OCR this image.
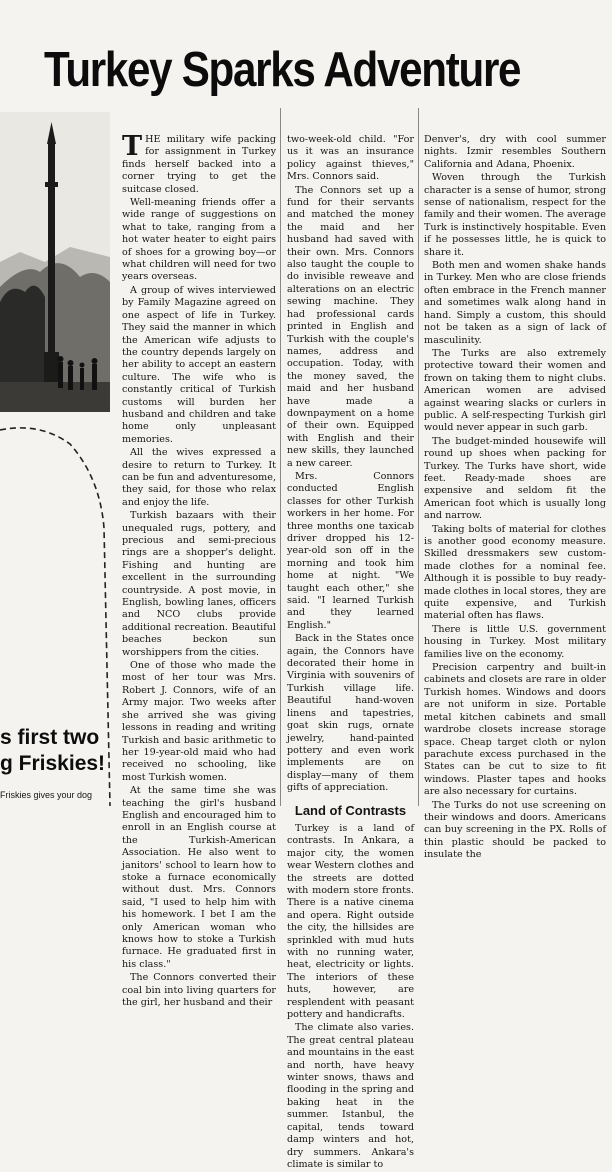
Turkey Sparks Adventure
s first two
g Friskies!
Friskies gives your dog

THE military wife packing for assignment in Turkey finds herself backed into a corner trying to get the suitcase closed.

Well-meaning friends offer a wide range of suggestions on what to take, ranging from a hot water heater to eight pairs of shoes for a growing boy—or what children will need for two years overseas.

A group of wives interviewed by Family Magazine agreed on one aspect of life in Turkey. They said the manner in which the American wife adjusts to the country depends largely on her ability to accept an eastern culture. The wife who is constantly critical of Turkish customs will burden her husband and children and take home only unpleasant memories.

All the wives expressed a desire to return to Turkey. It can be fun and adventuresome, they said, for those who relax and enjoy the life.

Turkish bazaars with their unequaled rugs, pottery, and precious and semi-precious rings are a shopper's delight. Fishing and hunting are excellent in the surrounding countryside. A post movie, in English, bowling lanes, officers and NCO clubs provide additional recreation. Beautiful beaches beckon sun worshippers from the cities.

One of those who made the most of her tour was Mrs. Robert J. Connors, wife of an Army major. Two weeks after she arrived she was giving lessons in reading and writing Turkish and basic arithmetic to her 19-year-old maid who had received no schooling, like most Turkish women.

At the same time she was teaching the girl's husband English and encouraged him to enroll in an English course at the Turkish-American Association. He also went to janitors' school to learn how to stoke a furnace economically without dust. Mrs. Connors said, "I used to help him with his homework. I bet I am the only American woman who knows how to stoke a Turkish furnace. He graduated first in his class."

The Connors converted their coal bin into living quarters for the girl, her husband and their

two-week-old child. "For us it was an insurance policy against thieves," Mrs. Connors said.

The Connors set up a fund for their servants and matched the money the maid and her husband had saved with their own. Mrs. Connors also taught the couple to do invisible reweave and alterations on an electric sewing machine. They had professional cards printed in English and Turkish with the couple's names, address and occupation. Today, with the money saved, the maid and her husband have made a downpayment on a home of their own. Equipped with English and their new skills, they launched a new career.

Mrs. Connors conducted English classes for other Turkish workers in her home. For three months one taxicab driver dropped his 12-year-old son off in the morning and took him home at night. "We taught each other," she said. "I learned Turkish and they learned English."

Back in the States once again, the Connors have decorated their home in Virginia with souvenirs of Turkish village life. Beautiful hand-woven linens and tapestries, goat skin rugs, ornate jewelry, hand-painted pottery and even work implements are on display—many of them gifts of appreciation.

Land of Contrasts

Turkey is a land of contrasts. In Ankara, a major city, the women wear Western clothes and the streets are dotted with modern store fronts. There is a native cinema and opera. Right outside the city, the hillsides are sprinkled with mud huts with no running water, heat, electricity or lights. The interiors of these huts, however, are resplendent with peasant pottery and handicrafts.

The climate also varies. The great central plateau and mountains in the east and north, have heavy winter snows, thaws and flooding in the spring and baking heat in the summer. Istanbul, the capital, tends toward damp winters and hot, dry summers. Ankara's climate is similar to

Denver's, dry with cool summer nights. Izmir resembles Southern California and Adana, Phoenix.

Woven through the Turkish character is a sense of humor, strong sense of nationalism, respect for the family and their women. The average Turk is instinctively hospitable. Even if he possesses little, he is quick to share it.

Both men and women shake hands in Turkey. Men who are close friends often embrace in the French manner and sometimes walk along hand in hand. Simply a custom, this should not be taken as a sign of lack of masculinity.

The Turks are also extremely protective toward their women and frown on taking them to night clubs. American women are advised against wearing slacks or curlers in public. A self-respecting Turkish girl would never appear in such garb.

The budget-minded housewife will round up shoes when packing for Turkey. The Turks have short, wide feet. Ready-made shoes are expensive and seldom fit the American foot which is usually long and narrow.

Taking bolts of material for clothes is another good economy measure. Skilled dressmakers sew custom-made clothes for a nominal fee. Although it is possible to buy ready-made clothes in local stores, they are quite expensive, and Turkish material often has flaws.

There is little U.S. government housing in Turkey. Most military families live on the economy.

Precision carpentry and built-in cabinets and closets are rare in older Turkish homes. Windows and doors are not uniform in size. Portable metal kitchen cabinets and small wardrobe closets increase storage space. Cheap target cloth or nylon parachute excess purchased in the States can be cut to size to fit windows. Plaster tapes and hooks are also necessary for curtains.

The Turks do not use screening on their windows and doors. Americans can buy screening in the PX. Rolls of thin plastic should be packed to insulate the
